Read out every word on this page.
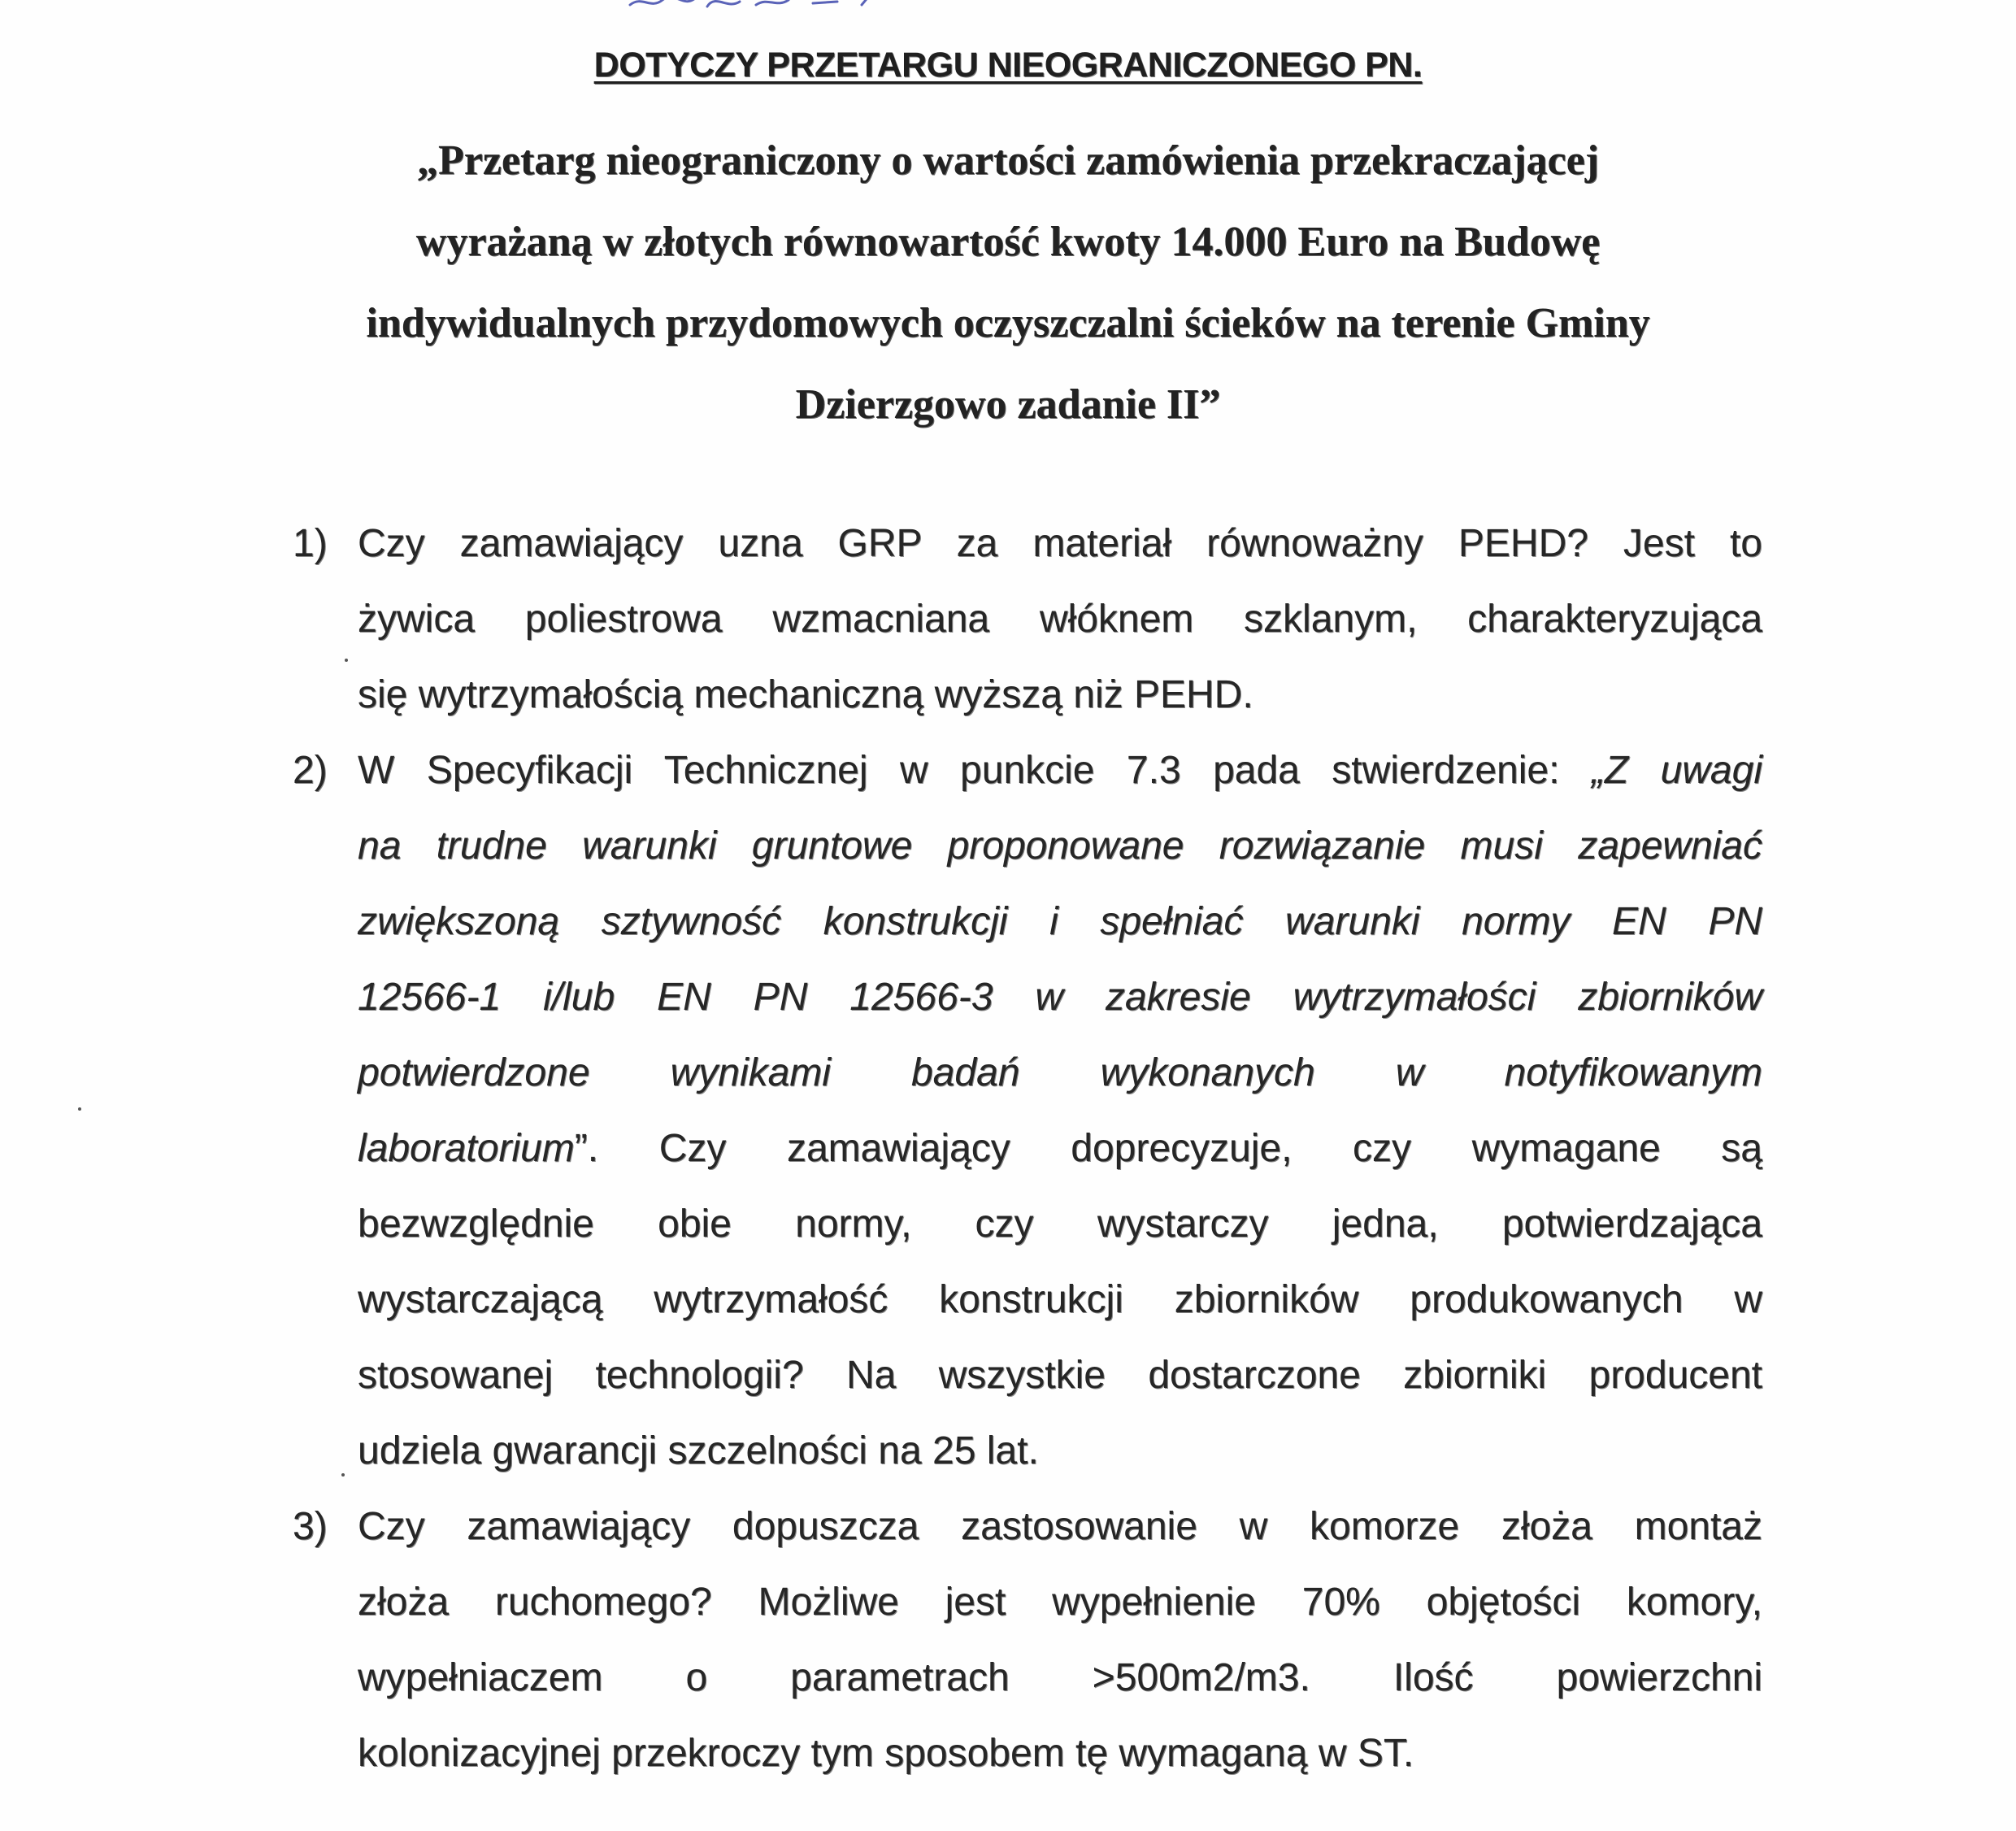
DOTYCZY PRZETARGU NIEOGRANICZONEGO PN.
„Przetarg nieograniczony o wartości zamówienia przekraczającej
wyrażaną w złotych równowartość kwoty 14.000 Euro na Budowę
indywidualnych przydomowych oczyszczalni ścieków na terenie Gminy
Dzierzgowo zadanie II”
1) Czy zamawiający uzna GRP za materiał równoważny PEHD? Jest to
żywica poliestrowa wzmacniana włóknem szklanym, charakteryzująca
się wytrzymałością mechaniczną wyższą niż PEHD.
2) W Specyfikacji Technicznej w punkcie 7.3 pada stwierdzenie: „Z uwagi
na trudne warunki gruntowe proponowane rozwiązanie musi zapewniać
zwiększoną sztywność konstrukcji i spełniać warunki normy EN PN
12566-1 i/lub EN PN 12566-3 w zakresie wytrzymałości zbiorników
potwierdzone wynikami badań wykonanych w notyfikowanym
laboratorium”. Czy zamawiający doprecyzuje, czy wymagane są
bezwzględnie obie normy, czy wystarczy jedna, potwierdzająca
wystarczającą wytrzymałość konstrukcji zbiorników produkowanych w
stosowanej technologii? Na wszystkie dostarczone zbiorniki producent
udziela gwarancji szczelności na 25 lat.
3) Czy zamawiający dopuszcza zastosowanie w komorze złoża montaż
złoża ruchomego? Możliwe jest wypełnienie 70% objętości komory,
wypełniaczem o parametrach >500m2/m3. Ilość powierzchni
kolonizacyjnej przekroczy tym sposobem tę wymaganą w ST.
